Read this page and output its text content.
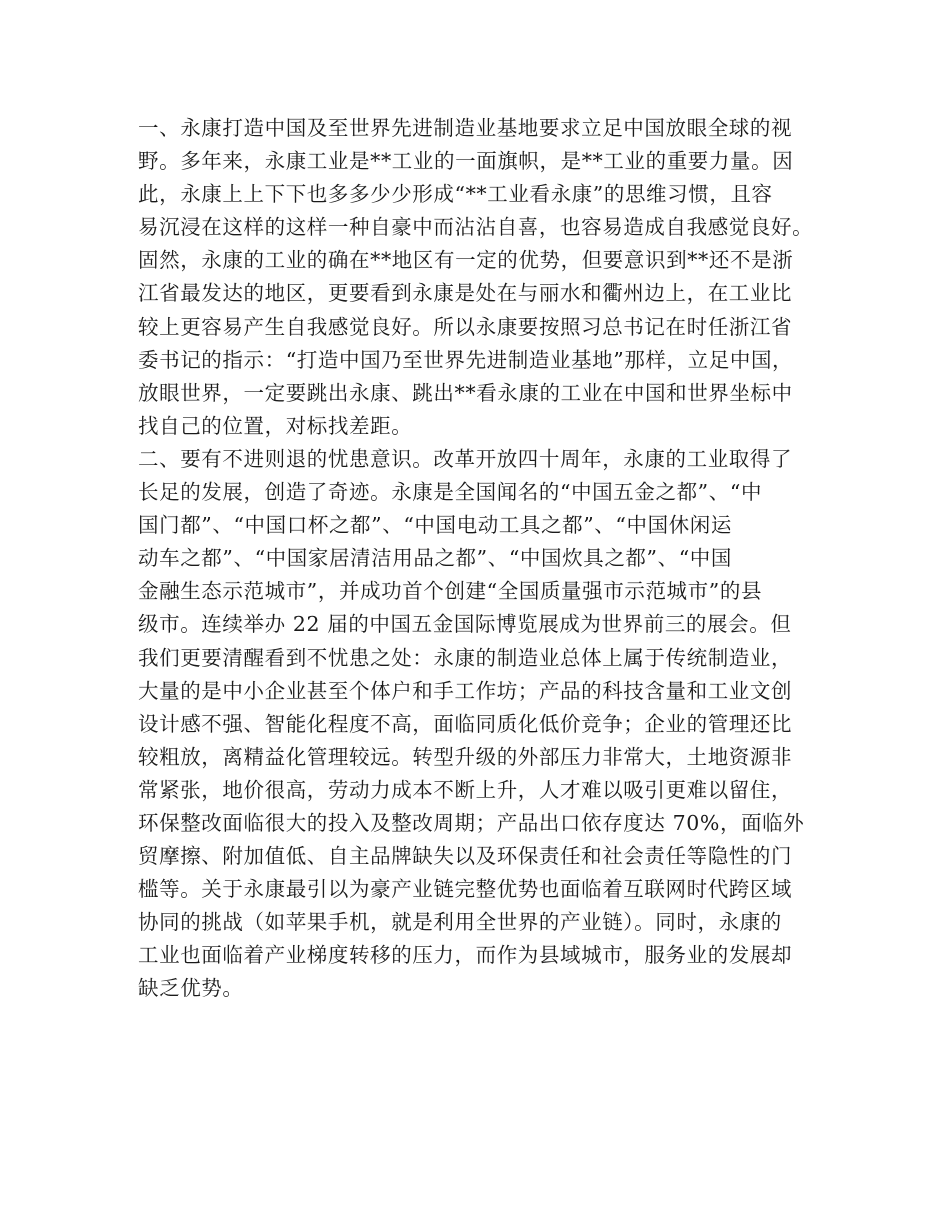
一、永康打造中国及至世界先进制造业基地要求立足中国放眼全球的视
野。多年来，永康工业是**工业的一面旗帜，是**工业的重要力量。因
此，永康上上下下也多多少少形成“**工业看永康”的思维习惯，且容
易沉浸在这样的这样一种自豪中而沾沾自喜，也容易造成自我感觉良好。
固然，永康的工业的确在**地区有一定的优势，但要意识到**还不是浙
江省最发达的地区，更要看到永康是处在与丽水和衢州边上，在工业比
较上更容易产生自我感觉良好。所以永康要按照习总书记在时任浙江省
委书记的指示：“打造中国乃至世界先进制造业基地”那样，立足中国，
放眼世界，一定要跳出永康、跳出**看永康的工业在中国和世界坐标中
找自己的位置，对标找差距。
二、要有不进则退的忧患意识。改革开放四十周年，永康的工业取得了
长足的发展，创造了奇迹。永康是全国闻名的“中国五金之都”、“中
国门都”、“中国口杯之都”、“中国电动工具之都”、“中国休闲运
动车之都”、“中国家居清洁用品之都”、“中国炊具之都”、“中国
金融生态示范城市”，并成功首个创建“全国质量强市示范城市”的县
级市。连续举办 22 届的中国五金国际博览展成为世界前三的展会。但
我们更要清醒看到不忧患之处：永康的制造业总体上属于传统制造业，
大量的是中小企业甚至个体户和手工作坊；产品的科技含量和工业文创
设计感不强、智能化程度不高，面临同质化低价竞争；企业的管理还比
较粗放，离精益化管理较远。转型升级的外部压力非常大，土地资源非
常紧张，地价很高，劳动力成本不断上升，人才难以吸引更难以留住，
环保整改面临很大的投入及整改周期；产品出口依存度达 70%，面临外
贸摩擦、附加值低、自主品牌缺失以及环保责任和社会责任等隐性的门
槛等。关于永康最引以为豪产业链完整优势也面临着互联网时代跨区域
协同的挑战（如苹果手机，就是利用全世界的产业链）。同时，永康的
工业也面临着产业梯度转移的压力，而作为县域城市，服务业的发展却
缺乏优势。
